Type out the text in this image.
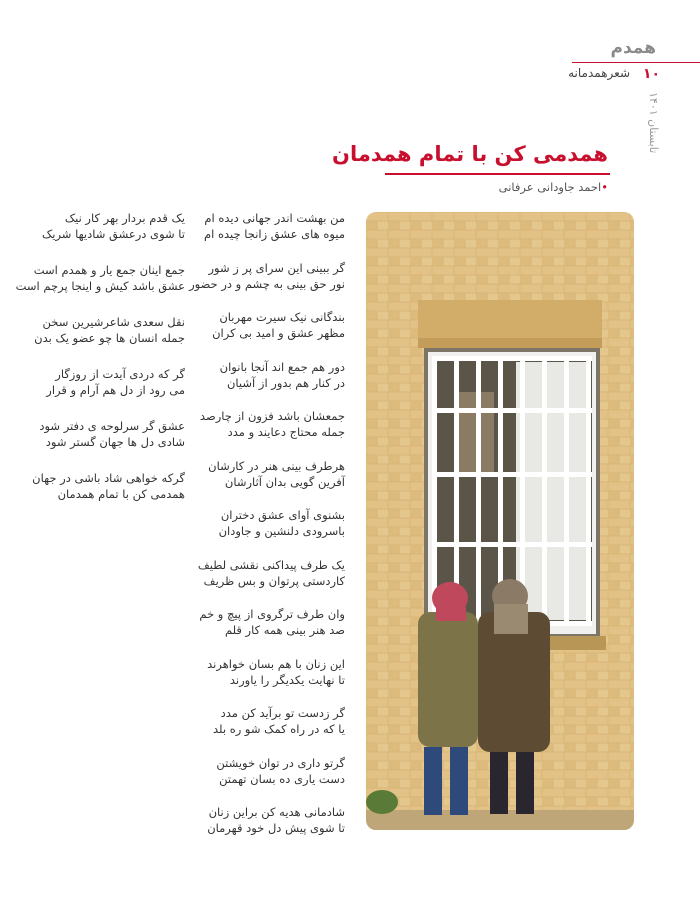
همدم
۱۰
شعرهمدمانه
تابستان ۱۴۰۱
همدمی کن با تمام همدمان
•احمد جاودانی عرفانی
من بهشت اندر جهانی دیده ام
میوه های عشق زانجا چیده ام
گر ببینی این سرای پر ز شور
نور حق بینی به چشم و در حضور
بندگانی نیک سیرت مهربان
مظهر عشق و امید بی کران
دور هم جمع اند آنجا بانوان
در کنار هم بدور از آشیان
جمعشان باشد فزون از چارصد
جمله محتاج دعایند و مدد
هرطرف بینی هنر در کارشان
آفرین گویی بدان آثارشان
بشنوی آوای عشق دختران
باسرودی دلنشین و جاودان
یک طرف پیداکنی نقشی لطیف
کاردستی پرتوان و بس ظریف
وان طرف ترگروی از پیچ و خم
صد هنر بینی همه کار قلم
این زنان با هم بسان خواهرند
تا نهایت یکدیگر را یاورند
گر زدست تو برآید کن مدد
یا که در راه کمک شو ره بلد
گرتو داری در توان خویشتن
دست یاری ده بسان تهمتن
شادمانی هدیه کن براین زنان
تا شوی پیش دل خود قهرمان
یک قدم بردار بهر کار نیک
تا شوی درعشق شادیها شریک
جمع اینان جمع یار و همدم است
عشق باشد کیش و اینجا پرچم است
نقل سعدی شاعرشیرین سخن
جمله انسان ها چو عضو یک بدن
گر که دردی آیدت از روزگار
می رود از دل هم آرام و قرار
عشق گر سرلوحه ی دفتر شود
شادی دل ها جهان گستر شود
گرکه خواهی شاد باشی در جهان
همدمی کن با تمام همدمان
